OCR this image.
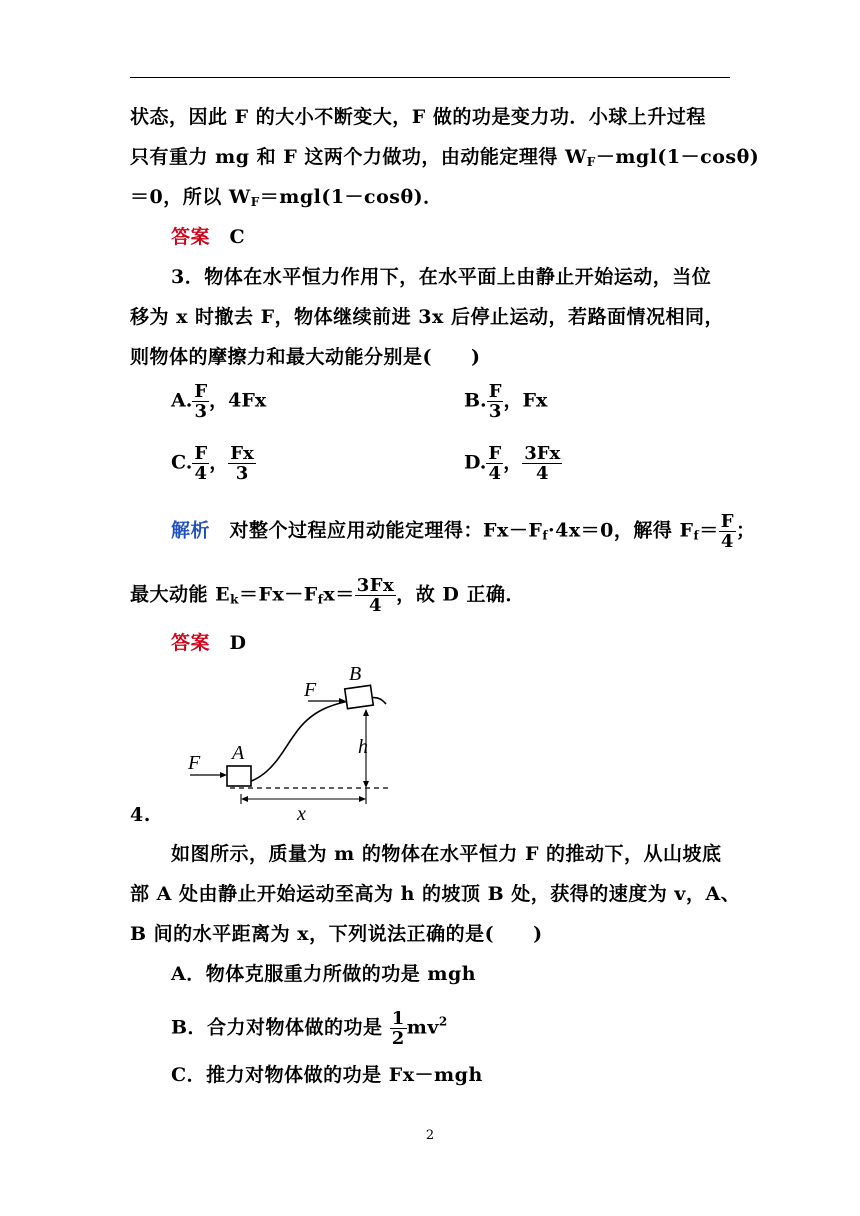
状态，因此 F 的大小不断变大，F 做的功是变力功．小球上升过程
只有重力 mg 和 F 这两个力做功，由动能定理得 $W_F-mgl(1-\cos\theta)$
＝0，所以 $W_F=mgl(1-\cos\theta)$．
答案　 C
3．物体在水平恒力作用下，在水平面上由静止开始运动，当位
移为 x 时撤去 F，物体继续前进 3x 后停止运动，若路面情况相同，
则物体的摩擦力和最大动能分别是(　　)
A. $\frac{F}{3}$ ，4Fx	B. $\frac{F}{3}$ ，Fx
C. $\frac{F}{4}$ ， $\frac{Fx}{3}$	D. $\frac{F}{4}$ ， $\frac{3Fx}{4}$
解析　 对整个过程应用动能定理得：$Fx-F_f\cdot 4x=0$，解得 $F_f= \frac{F}{4}$ ；
最大动能 $E_k=Fx-F_fx= \frac{3Fx}{4}$ ，故 D 正确．
答案　 D
F
F
A
B
h
x
4.
如图所示，质量为 m 的物体在水平恒力 F 的推动下，从山坡底
部 A 处由静止开始运动至高为 h 的坡顶 B 处，获得的速度为 v，A、
B 间的水平距离为 x，下列说法正确的是(　　)
A．物体克服重力所做的功是 mgh
B．合力对物体做的功是 $\frac{1}{2} mv^2$
C．推力对物体做的功是 Fx－mgh
2
